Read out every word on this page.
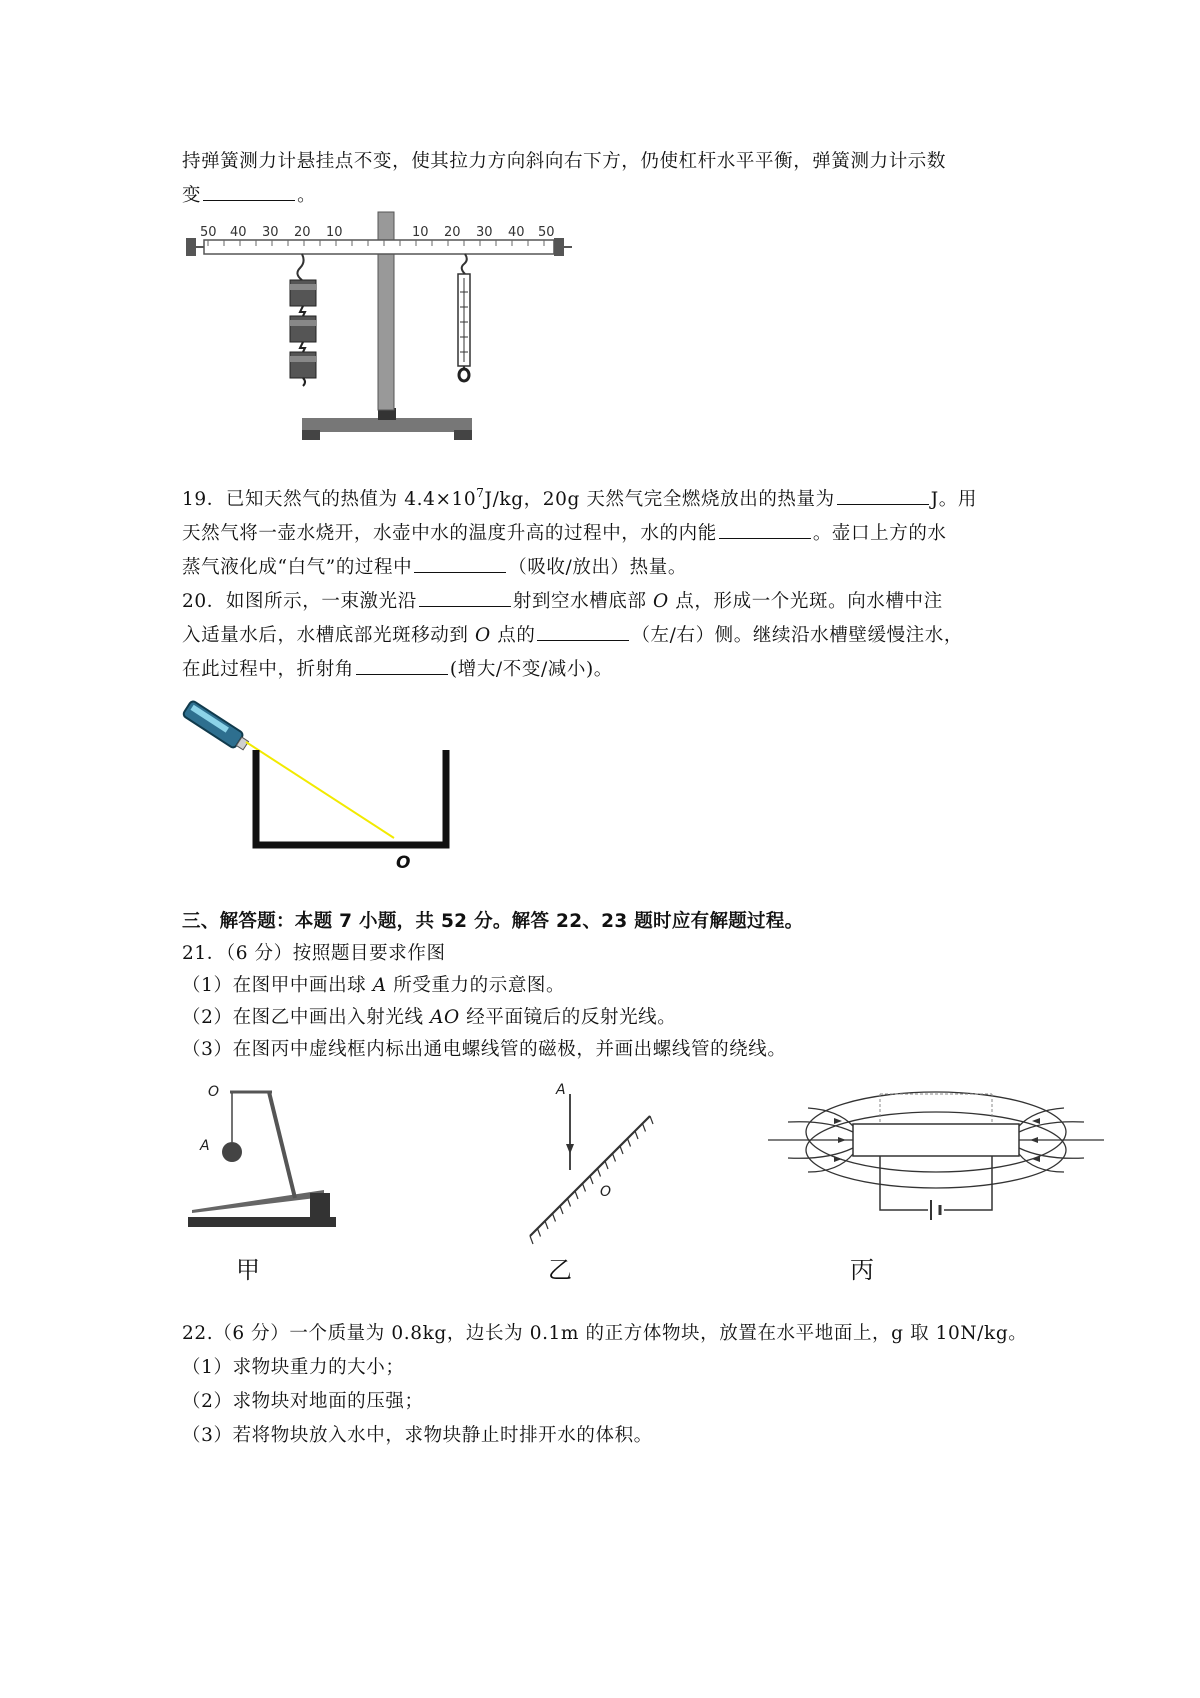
持弹簧测力计悬挂点不变，使其拉力方向斜向右下方，仍使杠杆水平平衡，弹簧测力计示数
变	。
50 40 30 20 10	10 20 30 40 50
19．已知天然气的热值为 $4.4\times 10^7J/kg$，20g 天然气完全燃烧放出的热量为	J。用
天然气将一壶水烧开，水壶中水的温度升高的过程中，水的内能	。壶口上方的水
蒸气液化成“白气”的过程中	（吸收/放出）热量。
20．如图所示，一束激光沿	射到空水槽底部 O 点，形成一个光斑。向水槽中注
入适量水后，水槽底部光斑移动到 O 点的	（左/右）侧。继续沿水槽壁缓慢注水，
在此过程中，折射角	(增大/不变/减小)。
O
三、解答题：本题 7 小题，共 52 分。解答 22、23 题时应有解题过程。
21．（6 分）按照题目要求作图
（1）在图甲中画出球 A 所受重力的示意图。
（2）在图乙中画出入射光线 AO 经平面镜后的反射光线。
（3）在图丙中虚线框内标出通电螺线管的磁极，并画出螺线管的绕线。
O
A
A
O
甲	乙	丙
22.（6 分）一个质量为 0.8kg，边长为 0.1m 的正方体物块，放置在水平地面上，g 取 10N/kg。
（1）求物块重力的大小；
（2）求物块对地面的压强；
（3）若将物块放入水中，求物块静止时排开水的体积。
